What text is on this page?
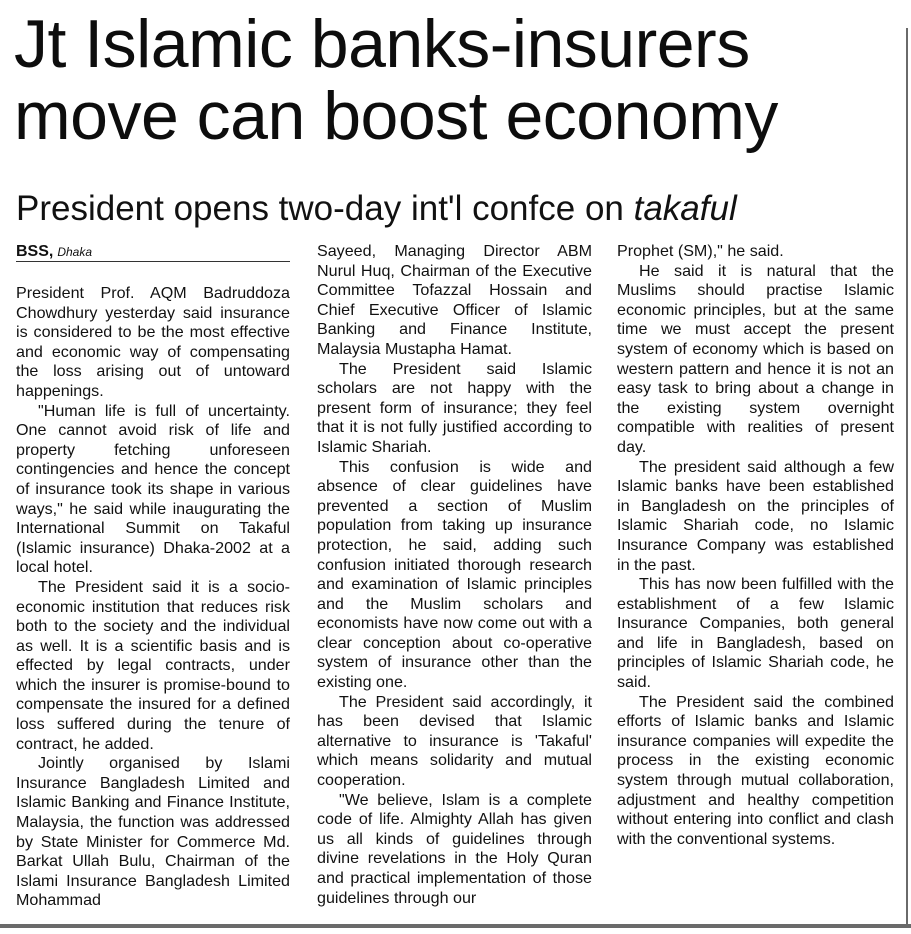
Jt Islamic banks-insurers
move can boost economy
President opens two-day int'l confce on takaful
BSS, Dhaka

President Prof. AQM Badruddoza Chowdhury yesterday said insurance is considered to be the most effective and economic way of compensating the loss arising out of untoward happenings.

"Human life is full of uncertainty. One cannot avoid risk of life and property fetching unforeseen contingencies and hence the concept of insurance took its shape in various ways," he said while inaugurating the International Summit on Takaful (Islamic insurance) Dhaka-2002 at a local hotel.

The President said it is a socio-economic institution that reduces risk both to the society and the individual as well. It is a scientific basis and is effected by legal contracts, under which the insurer is promise-bound to compensate the insured for a defined loss suffered during the tenure of contract, he added.

Jointly organised by Islami Insurance Bangladesh Limited and Islamic Banking and Finance Institute, Malaysia, the function was addressed by State Minister for Commerce Md. Barkat Ullah Bulu, Chairman of the Islami Insurance Bangladesh Limited Mohammad

Sayeed, Managing Director ABM Nurul Huq, Chairman of the Executive Committee Tofazzal Hossain and Chief Executive Officer of Islamic Banking and Finance Institute, Malaysia Mustapha Hamat.

The President said Islamic scholars are not happy with the present form of insurance; they feel that it is not fully justified according to Islamic Shariah.

This confusion is wide and absence of clear guidelines have prevented a section of Muslim population from taking up insurance protection, he said, adding such confusion initiated thorough research and examination of Islamic principles and the Muslim scholars and economists have now come out with a clear conception about co-operative system of insurance other than the existing one.

The President said accordingly, it has been devised that Islamic alternative to insurance is 'Takaful' which means solidarity and mutual cooperation.

"We believe, Islam is a complete code of life. Almighty Allah has given us all kinds of guidelines through divine revelations in the Holy Quran and practical implementation of those guidelines through our

Prophet (SM)," he said.

He said it is natural that the Muslims should practise Islamic economic principles, but at the same time we must accept the present system of economy which is based on western pattern and hence it is not an easy task to bring about a change in the existing system overnight compatible with realities of present day.

The president said although a few Islamic banks have been established in Bangladesh on the principles of Islamic Shariah code, no Islamic Insurance Company was established in the past.

This has now been fulfilled with the establishment of a few Islamic Insurance Companies, both general and life in Bangladesh, based on principles of Islamic Shariah code, he said.

The President said the combined efforts of Islamic banks and Islamic insurance companies will expedite the process in the existing economic system through mutual collaboration, adjustment and healthy competition without entering into conflict and clash with the conventional systems.
